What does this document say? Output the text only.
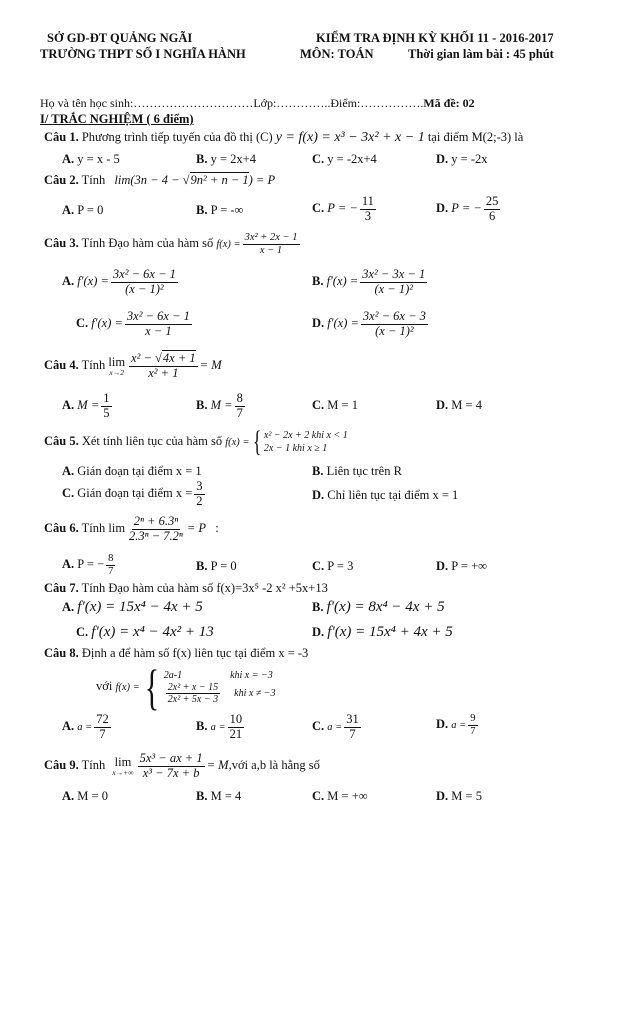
SỞ GD-ĐT QUẢNG NGÃI
TRƯỜNG THPT SỐ I NGHĨA HÀNH
KIỂM TRA ĐỊNH KỲ KHỐI 11 - 2016-2017
MÔN: TOÁN	Thời gian làm bài : 45 phút
Họ và tên học sinh:…………………………Lớp:…………..Điểm:…………….Mã đề: 02
I/ TRẮC NGHIỆM ( 6 điểm)
Câu 1. Phương trình tiếp tuyến của đồ thị (C) y = f(x) = x³ − 3x² + x − 1 tại điểm M(2;-3) là
A. y = x - 5	B. y = 2x+4	C. y = -2x+4	D. y = -2x
Câu 2. Tính lim(3n − 4 − √9n² + n − 1) = P
A. P = 0	B. P = -∞	C. P = − $\frac{11}{3}$	D. P = − $\frac{25}{6}$
Câu 3. Tính Đạo hàm của hàm số $f(x) = \frac{\text{3x² + 2x − 1}}{x - 1}$
A. $f'(x) = \frac{\text{3x² − 6x − 1}}{\text{(x − 1)²}}$	B. $f'(x) = \frac{\text{3x² − 3x − 1}}{\text{(x − 1)²}}$
C. $f'(x) = \frac{\text{3x² − 6x − 1}}{x - 1}$	D. $f'(x) = \frac{\text{3x² − 6x − 3}}{\text{(x − 1)²}}$
Câu 4. Tính lim
$x\to 2 \frac{\text{x² − √4x + 1}}{\text{x² + 1}} = M$
A. $M = \frac{1}{5}$	B. $M = \frac{8}{7}$	C. M = 1	D. M = 4
Câu 5. Xét tính liên tục của hàm số f(x) ={ x² − 2x + 2 khi x < 1
2x − 1 khi x ≥ 1
A. Gián đoạn tại điểm x = 1	B. Liên tục trên R
C. Gián đoạn tại điểm $x = \frac{3}{2}$	D. Chỉ liên tục tại điểm x = 1
Câu 6. Tính $\lim \frac{\text{2ⁿ + 6.3ⁿ}}{\text{2.3ⁿ − 7.2ⁿ}} = P$ :
A. P = − $\frac{8}{7}$	B. P = 0	C. P = 3	D. P = +∞
Câu 7. Tính Đạo hàm của hàm số f(x)=3x⁵ -2 x² +5x+13
A. f′(x) = 15x⁴ − 4x + 5	B. f′(x) = 8x⁴ − 4x + 5
C. f′(x) = x⁴ − 4x² + 13	D. f′(x) = 15x⁴ + 4x + 5
Câu 8. Định a để hàm số f(x) liên tục tại điểm x = -3
với f(x) ={ 2a-1	khi x = −3
$\frac{\text{2x² + x − 15}}{\text{2x² + 5x − 3}}$ khi x ≠ −3
A. $a = \frac{72}{7}$	B. $a = \frac{10}{21}$	C. $a = \frac{31}{7}$	D. $a = \frac{9}{7}$
Câu 9. Tính lim
$x\to+\infty \frac{\text{5x³ − ax + 1}}{\text{x³ − 7x + b}}$ = M,với a,b là hằng số
A. M = 0	B. M = 4	C. M = +∞	D. M = 5
